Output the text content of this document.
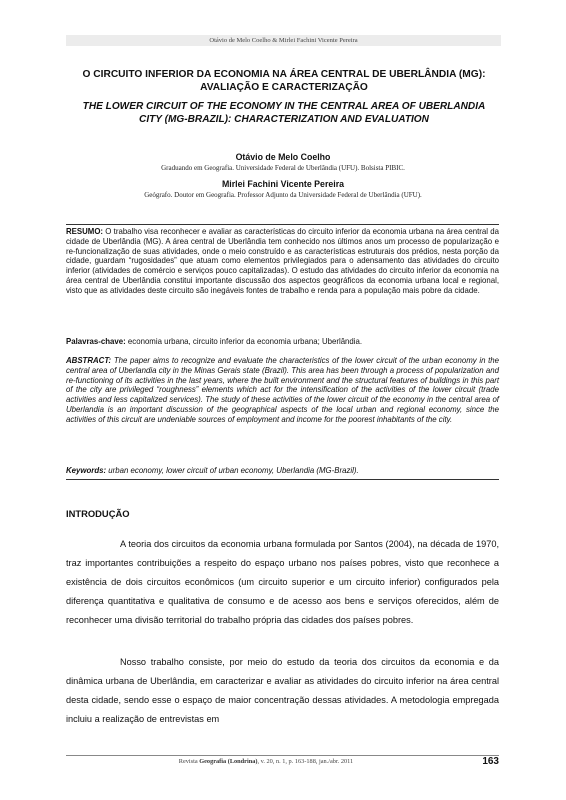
Otávio de Melo Coelho & Mirlei Fachini Vicente Pereira
O CIRCUITO INFERIOR DA ECONOMIA NA ÁREA CENTRAL DE UBERLÂNDIA (MG): AVALIAÇÃO E CARACTERIZAÇÃO
THE LOWER CIRCUIT OF THE ECONOMY IN THE CENTRAL AREA OF UBERLANDIA CITY (MG-BRAZIL): CHARACTERIZATION AND EVALUATION
Otávio de Melo Coelho
Graduando em Geografia. Universidade Federal de Uberlândia (UFU). Bolsista PIBIC.
Mirlei Fachini Vicente Pereira
Geógrafo. Doutor em Geografia. Professor Adjunto da Universidade Federal de Uberlândia (UFU).

RESUMO: O trabalho visa reconhecer e avaliar as características do circuito inferior da economia urbana na área central da cidade de Uberlândia (MG). A área central de Uberlândia tem conhecido nos últimos anos um processo de popularização e re-funcionalização de suas atividades, onde o meio construído e as características estruturais dos prédios, nesta porção da cidade, guardam “rugosidades” que atuam como elementos privilegiados para o adensamento das atividades do circuito inferior (atividades de comércio e serviços pouco capitalizadas). O estudo das atividades do circuito inferior da economia na área central de Uberlândia constitui importante discussão dos aspectos geográficos da economia urbana local e regional, visto que as atividades deste circuito são inegáveis fontes de trabalho e renda para a população mais pobre da cidade.

Palavras-chave: economia urbana, circuito inferior da economia urbana; Uberlândia.

ABSTRACT: The paper aims to recognize and evaluate the characteristics of the lower circuit of the urban economy in the central area of Uberlandia city in the Minas Gerais state (Brazil). This area has been through a process of popularization and re-functioning of its activities in the last years, where the built environment and the structural features of buildings in this part of the city are privileged “roughness” elements which act for the intensification of the activities of the lower circuit (trade activities and less capitalized services). The study of these activities of the lower circuit of the economy in the central area of Uberlandia is an important discussion of the geographical aspects of the local urban and regional economy, since the activities of this circuit are undeniable sources of employment and income for the poorest inhabitants of the city.

Keywords: urban economy, lower circuit of urban economy, Uberlandia (MG-Brazil).

INTRODUÇÃO

A teoria dos circuitos da economia urbana formulada por Santos (2004), na década de 1970, traz importantes contribuições a respeito do espaço urbano nos países pobres, visto que reconhece a existência de dois circuitos econômicos (um circuito superior e um circuito inferior) configurados pela diferença quantitativa e qualitativa de consumo e de acesso aos bens e serviços oferecidos, além de reconhecer uma divisão territorial do trabalho própria das cidades dos países pobres.

Nosso trabalho consiste, por meio do estudo da teoria dos circuitos da economia e da dinâmica urbana de Uberlândia, em caracterizar e avaliar as atividades do circuito inferior na área central desta cidade, sendo esse o espaço de maior concentração dessas atividades. A metodologia empregada incluiu a realização de entrevistas em

Revista Geografia (Londrina), v. 20, n. 1, p. 163-188, jan./abr. 2011	163
